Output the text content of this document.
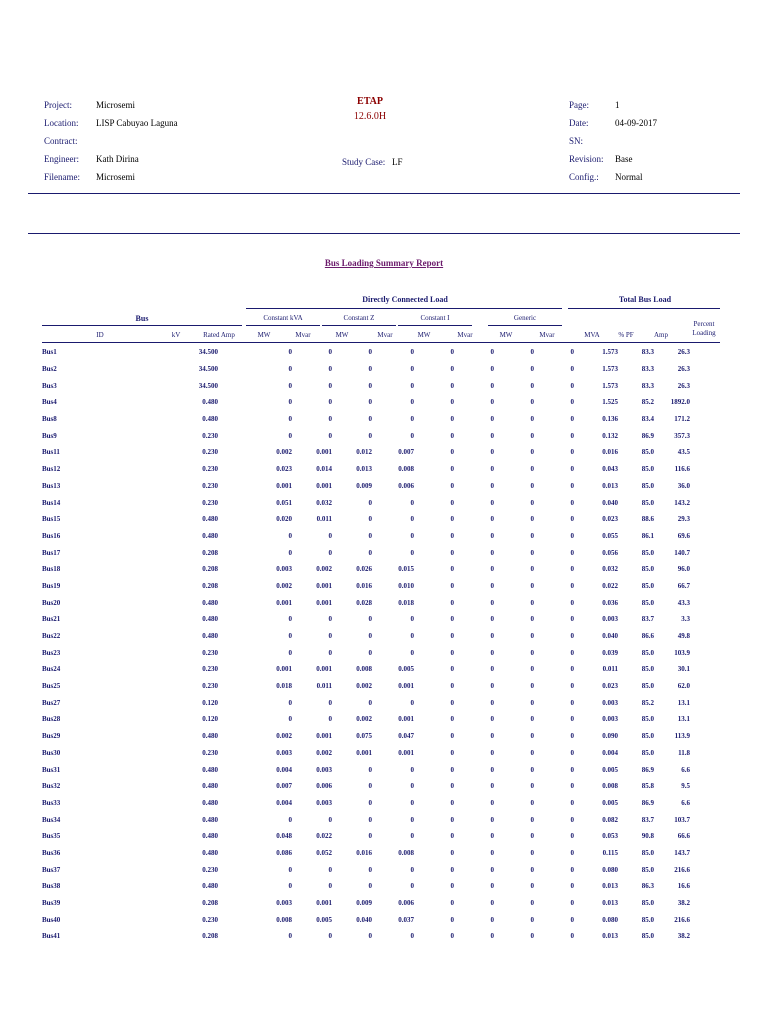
Project:	Microsemi
Location: LISP Cabuyao Laguna
Contract:
Engineer: Kath Dirina
Filename: Microsemi
Page:	1
Date:	04-09-2017
SN:
Revision: Base
Config.: Normal
ETAP
12.6.0H
Study Case: LF
Bus Loading Summary Report
Directly Connected Load	Total Bus Load
Bus	Constant kVA	Constant Z	Constant I	Generic
ID	kV	Rated Amp	MW	Mvar	MW	Mvar	MW	Mvar	MW	Mvar	MVA	% PF	Amp
Percent Loading
Bus1	34.500		0	0	0	0	0	0	0	0	1.573	83.3	26.3	
Bus2	34.500		0	0	0	0	0	0	0	0	1.573	83.3	26.3	
Bus3	34.500		0	0	0	0	0	0	0	0	1.573	83.3	26.3	
Bus4	0.480		0	0	0	0	0	0	0	0	1.525	85.2	1892.0	
Bus8	0.480		0	0	0	0	0	0	0	0	0.136	83.4	171.2	
Bus9	0.230		0	0	0	0	0	0	0	0	0.132	86.9	357.3	
Bus11	0.230		0.002	0.001	0.012	0.007	0	0	0	0	0.016	85.0	43.5	
Bus12	0.230		0.023	0.014	0.013	0.008	0	0	0	0	0.043	85.0	116.6	
Bus13	0.230		0.001	0.001	0.009	0.006	0	0	0	0	0.013	85.0	36.0	
Bus14	0.230		0.051	0.032	0	0	0	0	0	0	0.040	85.0	143.2	
Bus15	0.480		0.020	0.011	0	0	0	0	0	0	0.023	88.6	29.3	
Bus16	0.480		0	0	0	0	0	0	0	0	0.055	86.1	69.6	
Bus17	0.208		0	0	0	0	0	0	0	0	0.056	85.0	140.7	
Bus18	0.208		0.003	0.002	0.026	0.015	0	0	0	0	0.032	85.0	96.0	
Bus19	0.208		0.002	0.001	0.016	0.010	0	0	0	0	0.022	85.0	66.7	
Bus20	0.480		0.001	0.001	0.028	0.018	0	0	0	0	0.036	85.0	43.3	
Bus21	0.480		0	0	0	0	0	0	0	0	0.003	83.7	3.3	
Bus22	0.480		0	0	0	0	0	0	0	0	0.040	86.6	49.8	
Bus23	0.230		0	0	0	0	0	0	0	0	0.039	85.0	103.9	
Bus24	0.230		0.001	0.001	0.008	0.005	0	0	0	0	0.011	85.0	30.1	
Bus25	0.230		0.018	0.011	0.002	0.001	0	0	0	0	0.023	85.0	62.0	
Bus27	0.120		0	0	0	0	0	0	0	0	0.003	85.2	13.1	
Bus28	0.120		0	0	0.002	0.001	0	0	0	0	0.003	85.0	13.1	
Bus29	0.480		0.002	0.001	0.075	0.047	0	0	0	0	0.090	85.0	113.9	
Bus30	0.230		0.003	0.002	0.001	0.001	0	0	0	0	0.004	85.0	11.8	
Bus31	0.480		0.004	0.003	0	0	0	0	0	0	0.005	86.9	6.6	
Bus32	0.480		0.007	0.006	0	0	0	0	0	0	0.008	85.8	9.5	
Bus33	0.480		0.004	0.003	0	0	0	0	0	0	0.005	86.9	6.6	
Bus34	0.480		0	0	0	0	0	0	0	0	0.082	83.7	103.7	
Bus35	0.480		0.048	0.022	0	0	0	0	0	0	0.053	90.8	66.6	
Bus36	0.480		0.086	0.052	0.016	0.008	0	0	0	0	0.115	85.0	143.7	
Bus37	0.230		0	0	0	0	0	0	0	0	0.080	85.0	216.6	
Bus38	0.480		0	0	0	0	0	0	0	0	0.013	86.3	16.6	
Bus39	0.208		0.003	0.001	0.009	0.006	0	0	0	0	0.013	85.0	38.2	
Bus40	0.230		0.008	0.005	0.040	0.037	0	0	0	0	0.080	85.0	216.6	
Bus41	0.208		0	0	0	0	0	0	0	0	0.013	85.0	38.2	
